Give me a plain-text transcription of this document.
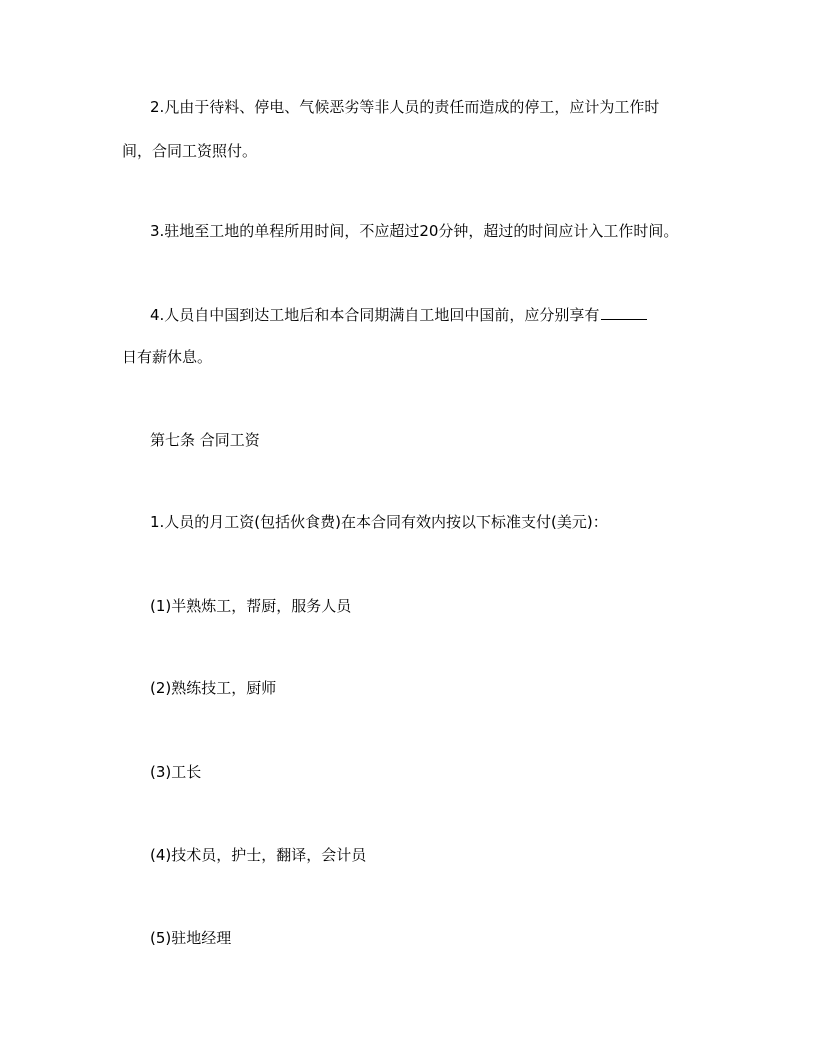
2.凡由于待料、停电、气候恶劣等非人员的责任而造成的停工，应计为工作时
间，合同工资照付。
3.驻地至工地的单程所用时间，不应超过20分钟，超过的时间应计入工作时间。
4.人员自中国到达工地后和本合同期满自工地回中国前，应分别享有
日有薪休息。
第七条 合同工资
1.人员的月工资(包括伙食费)在本合同有效内按以下标准支付(美元)：
(1)半熟炼工，帮厨，服务人员
(2)熟练技工，厨师
(3)工长
(4)技术员，护士，翻译，会计员
(5)驻地经理
